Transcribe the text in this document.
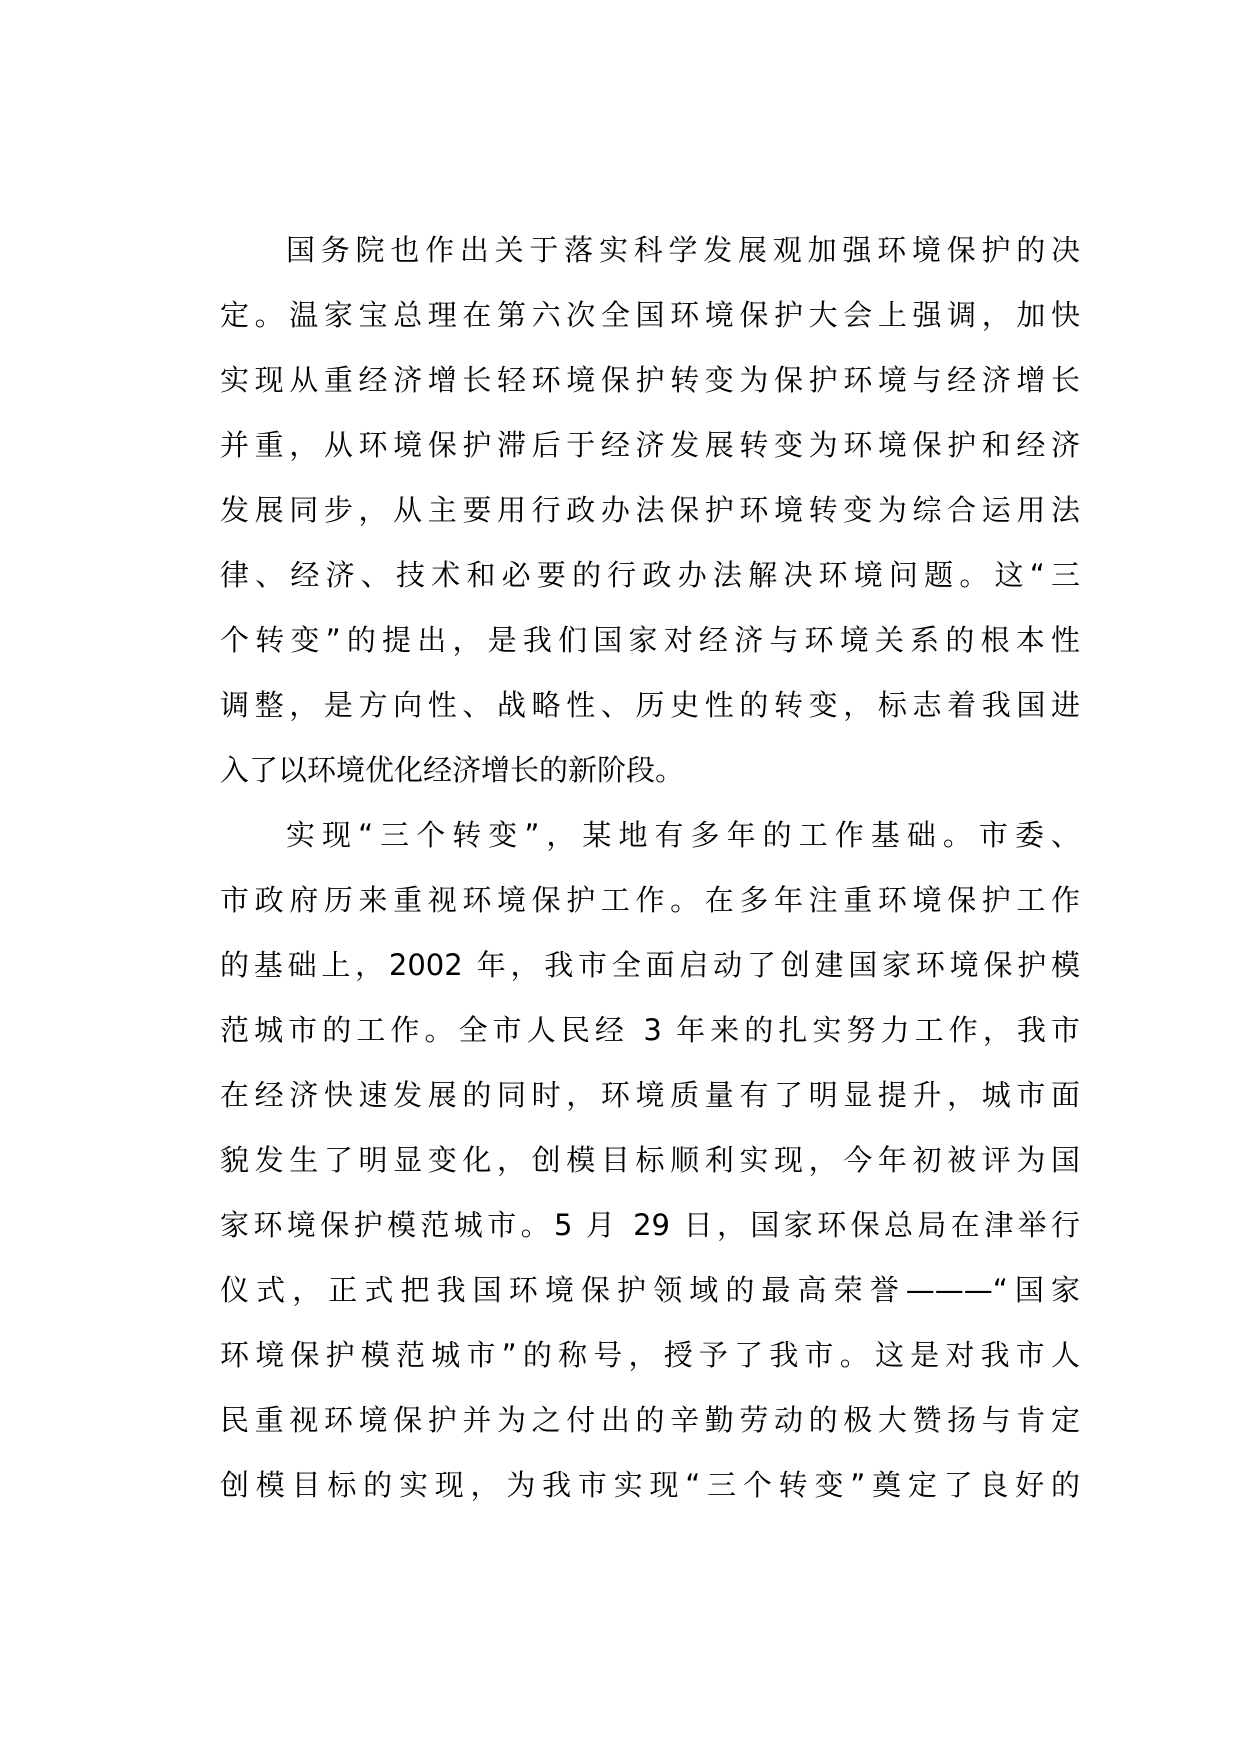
国务院也作出关于落实科学发展观加强环境保护的决
定。温家宝总理在第六次全国环境保护大会上强调，加快
实现从重经济增长轻环境保护转变为保护环境与经济增长
并重，从环境保护滞后于经济发展转变为环境保护和经济
发展同步，从主要用行政办法保护环境转变为综合运用法
律、经济、技术和必要的行政办法解决环境问题。这“三
个转变”的提出，是我们国家对经济与环境关系的根本性
调整，是方向性、战略性、历史性的转变，标志着我国进
入了以环境优化经济增长的新阶段。
实现“三个转变”，某地有多年的工作基础。市委、
市政府历来重视环境保护工作。在多年注重环境保护工作
的基础上，2002 年，我市全面启动了创建国家环境保护模
范城市的工作。全市人民经 3 年来的扎实努力工作，我市
在经济快速发展的同时，环境质量有了明显提升，城市面
貌发生了明显变化，创模目标顺利实现，今年初被评为国
家环境保护模范城市。5 月 29 日，国家环保总局在津举行
仪式，正式把我国环境保护领域的最高荣誉———“国家
环境保护模范城市”的称号，授予了我市。这是对我市人
民重视环境保护并为之付出的辛勤劳动的极大赞扬与肯定
创模目标的实现，为我市实现“三个转变”奠定了良好的
